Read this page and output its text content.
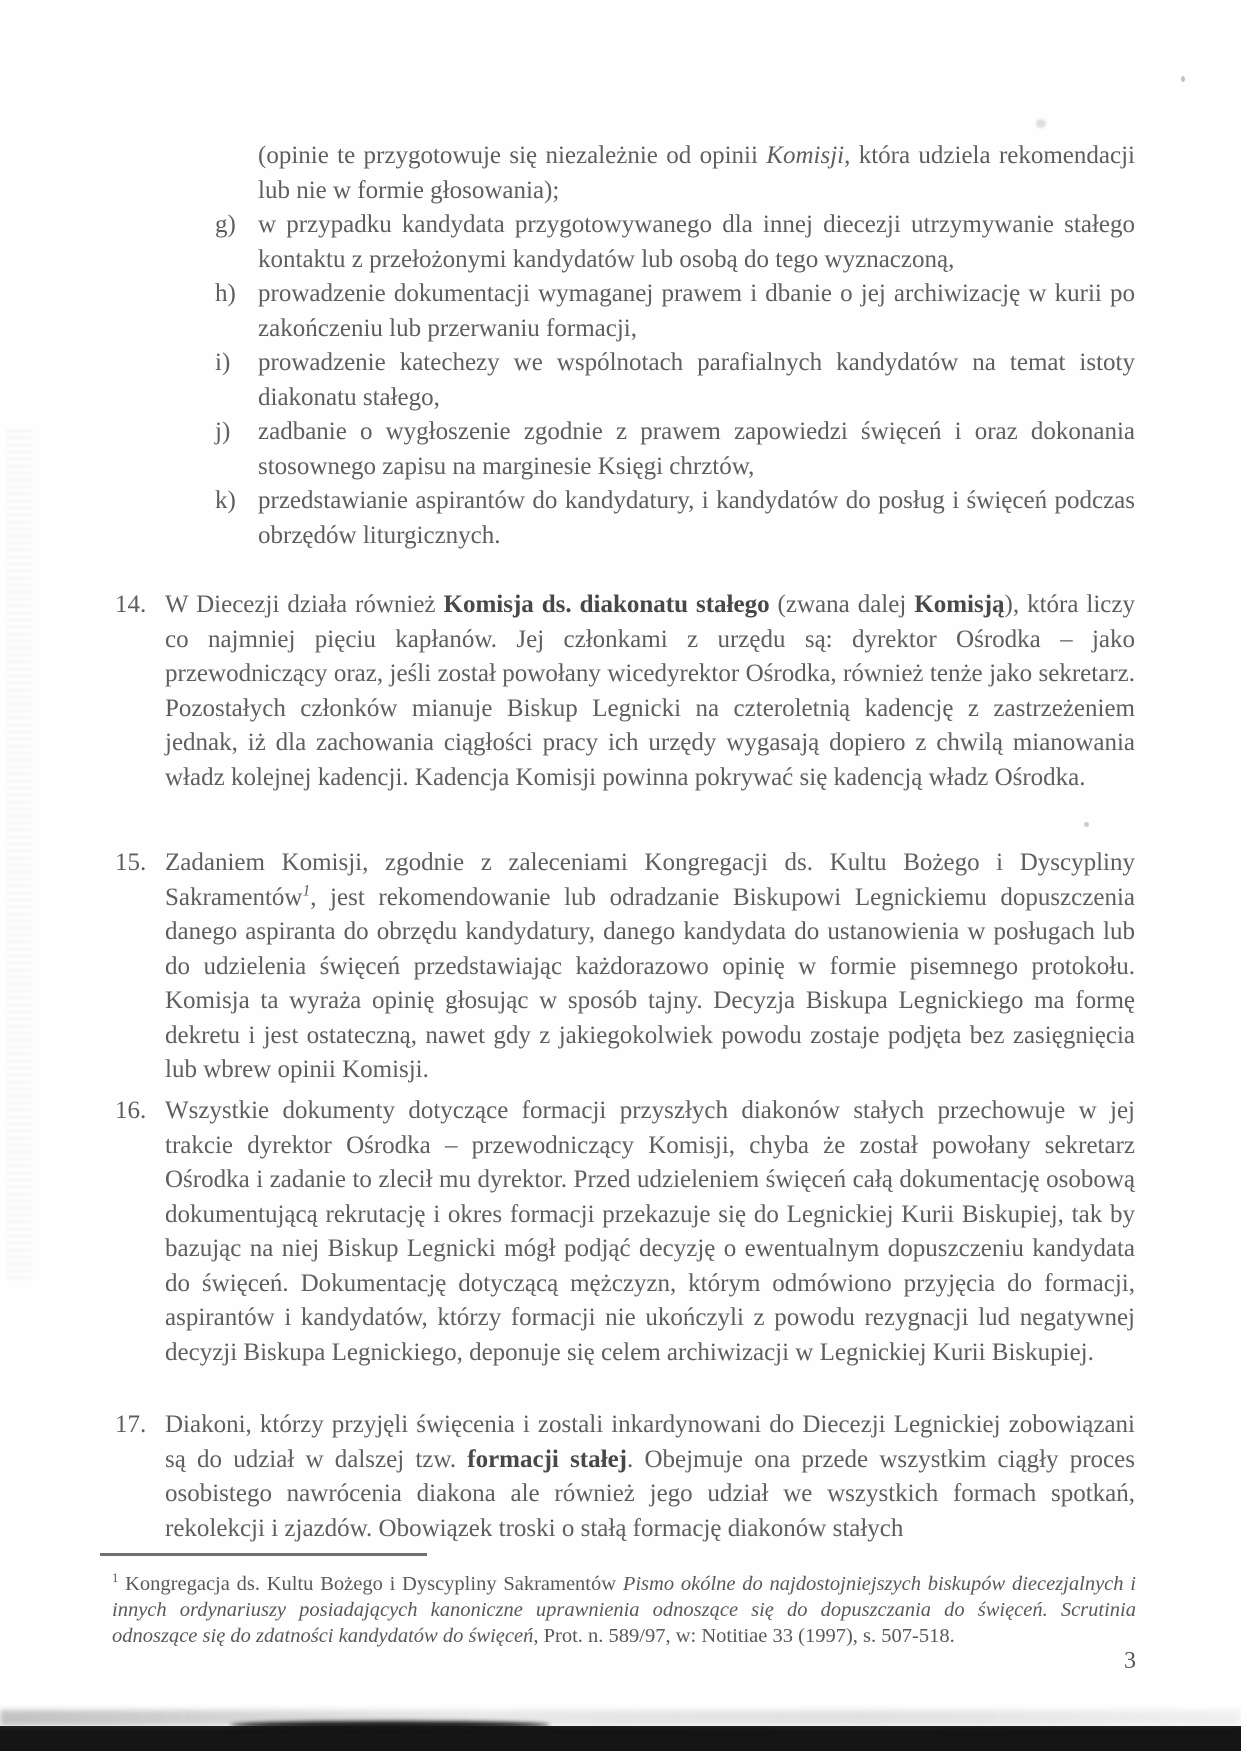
(opinie te przygotowuje się niezależnie od opinii Komisji, która udziela rekomendacji lub nie w formie głosowania);
g) w przypadku kandydata przygotowywanego dla innej diecezji utrzymywanie stałego kontaktu z przełożonymi kandydatów lub osobą do tego wyznaczoną,
h) prowadzenie dokumentacji wymaganej prawem i dbanie o jej archiwizację w kurii po zakończeniu lub przerwaniu formacji,
i) prowadzenie katechezy we wspólnotach parafialnych kandydatów na temat istoty diakonatu stałego,
j) zadbanie o wygłoszenie zgodnie z prawem zapowiedzi święceń i oraz dokonania stosownego zapisu na marginesie Księgi chrztów,
k) przedstawianie aspirantów do kandydatury, i kandydatów do posług i święceń podczas obrzędów liturgicznych.
14. W Diecezji działa również Komisja ds. diakonatu stałego (zwana dalej Komisją), która liczy co najmniej pięciu kapłanów. Jej członkami z urzędu są: dyrektor Ośrodka – jako przewodniczący oraz, jeśli został powołany wicedyrektor Ośrodka, również tenże jako sekretarz. Pozostałych członków mianuje Biskup Legnicki na czteroletnią kadencję z zastrzeżeniem jednak, iż dla zachowania ciągłości pracy ich urzędy wygasają dopiero z chwilą mianowania władz kolejnej kadencji. Kadencja Komisji powinna pokrywać się kadencją władz Ośrodka.
15. Zadaniem Komisji, zgodnie z zaleceniami Kongregacji ds. Kultu Bożego i Dyscypliny Sakramentów$^1$, jest rekomendowanie lub odradzanie Biskupowi Legnickiemu dopuszczenia danego aspiranta do obrzędu kandydatury, danego kandydata do ustanowienia w posługach lub do udzielenia święceń przedstawiając każdorazowo opinię w formie pisemnego protokołu. Komisja ta wyraża opinię głosując w sposób tajny. Decyzja Biskupa Legnickiego ma formę dekretu i jest ostateczną, nawet gdy z jakiegokolwiek powodu zostaje podjęta bez zasięgnięcia lub wbrew opinii Komisji.
16. Wszystkie dokumenty dotyczące formacji przyszłych diakonów stałych przechowuje w jej trakcie dyrektor Ośrodka – przewodniczący Komisji, chyba że został powołany sekretarz Ośrodka i zadanie to zlecił mu dyrektor. Przed udzieleniem święceń całą dokumentację osobową dokumentującą rekrutację i okres formacji przekazuje się do Legnickiej Kurii Biskupiej, tak by bazując na niej Biskup Legnicki mógł podjąć decyzję o ewentualnym dopuszczeniu kandydata do święceń. Dokumentację dotyczącą mężczyzn, którym odmówiono przyjęcia do formacji, aspirantów i kandydatów, którzy formacji nie ukończyli z powodu rezygnacji lud negatywnej decyzji Biskupa Legnickiego, deponuje się celem archiwizacji w Legnickiej Kurii Biskupiej.
17. Diakoni, którzy przyjęli święcenia i zostali inkardynowani do Diecezji Legnickiej zobowiązani są do udział w dalszej tzw. formacji stałej. Obejmuje ona przede wszystkim ciągły proces osobistego nawrócenia diakona ale również jego udział we wszystkich formach spotkań, rekolekcji i zjazdów. Obowiązek troski o stałą formację diakonów stałych
$^1$ Kongregacja ds. Kultu Bożego i Dyscypliny Sakramentów Pismo okólne do najdostojniejszych biskupów diecezjalnych i innych ordynariuszy posiadających kanoniczne uprawnienia odnoszące się do dopuszczania do święceń. Scrutinia odnoszące się do zdatności kandydatów do święceń, Prot. n. 589/97, w: Notitiae 33 (1997), s. 507-518.
3
